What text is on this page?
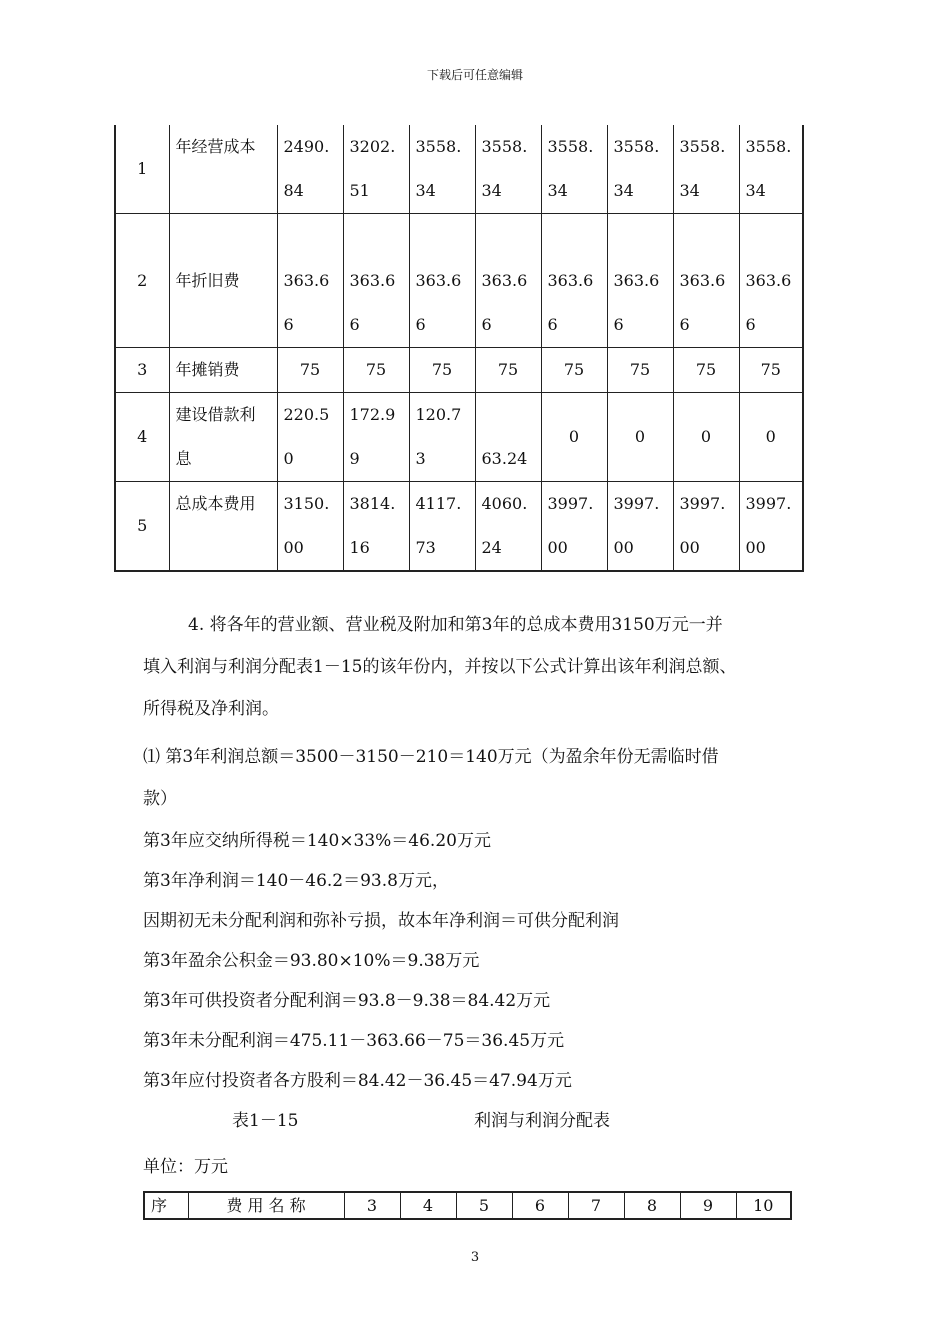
下载后可任意编辑
1	年经营成本	2490.84	3202.51	3558.34	3558.34	3558.34	3558.34	3558.34	3558.34
2	年折旧费	363.66	363.66	363.66	363.66	363.66	363.66	363.66	363.66
3	年摊销费	75	75	75	75	75	75	75	75
4	建设借款利息	220.50	172.99	120.73	63.24	0	0	0	0
5	总成本费用	3150.00	3814.16	4117.73	4060.24	3997.00	3997.00	3997.00	3997.00
4. 将各年的营业额、营业税及附加和第3年的总成本费用3150万元一并
填入利润与利润分配表1－15的该年份内，并按以下公式计算出该年利润总额、
所得税及净利润。
⑴ 第3年利润总额＝3500－3150－210＝140万元（为盈余年份无需临时借
款）
第3年应交纳所得税＝140×33%＝46.20万元
第3年净利润＝140－46.2＝93.8万元，
因期初无未分配利润和弥补亏损，故本年净利润＝可供分配利润
第3年盈余公积金＝93.80×10%＝9.38万元
第3年可供投资者分配利润＝93.8－9.38＝84.42万元
第3年未分配利润＝475.11－363.66－75＝36.45万元
第3年应付投资者各方股利＝84.42－36.45＝47.94万元
表1－15	利润与利润分配表
单位：万元
序	费 用 名 称	3	4	5	6	7	8	9	10
3
